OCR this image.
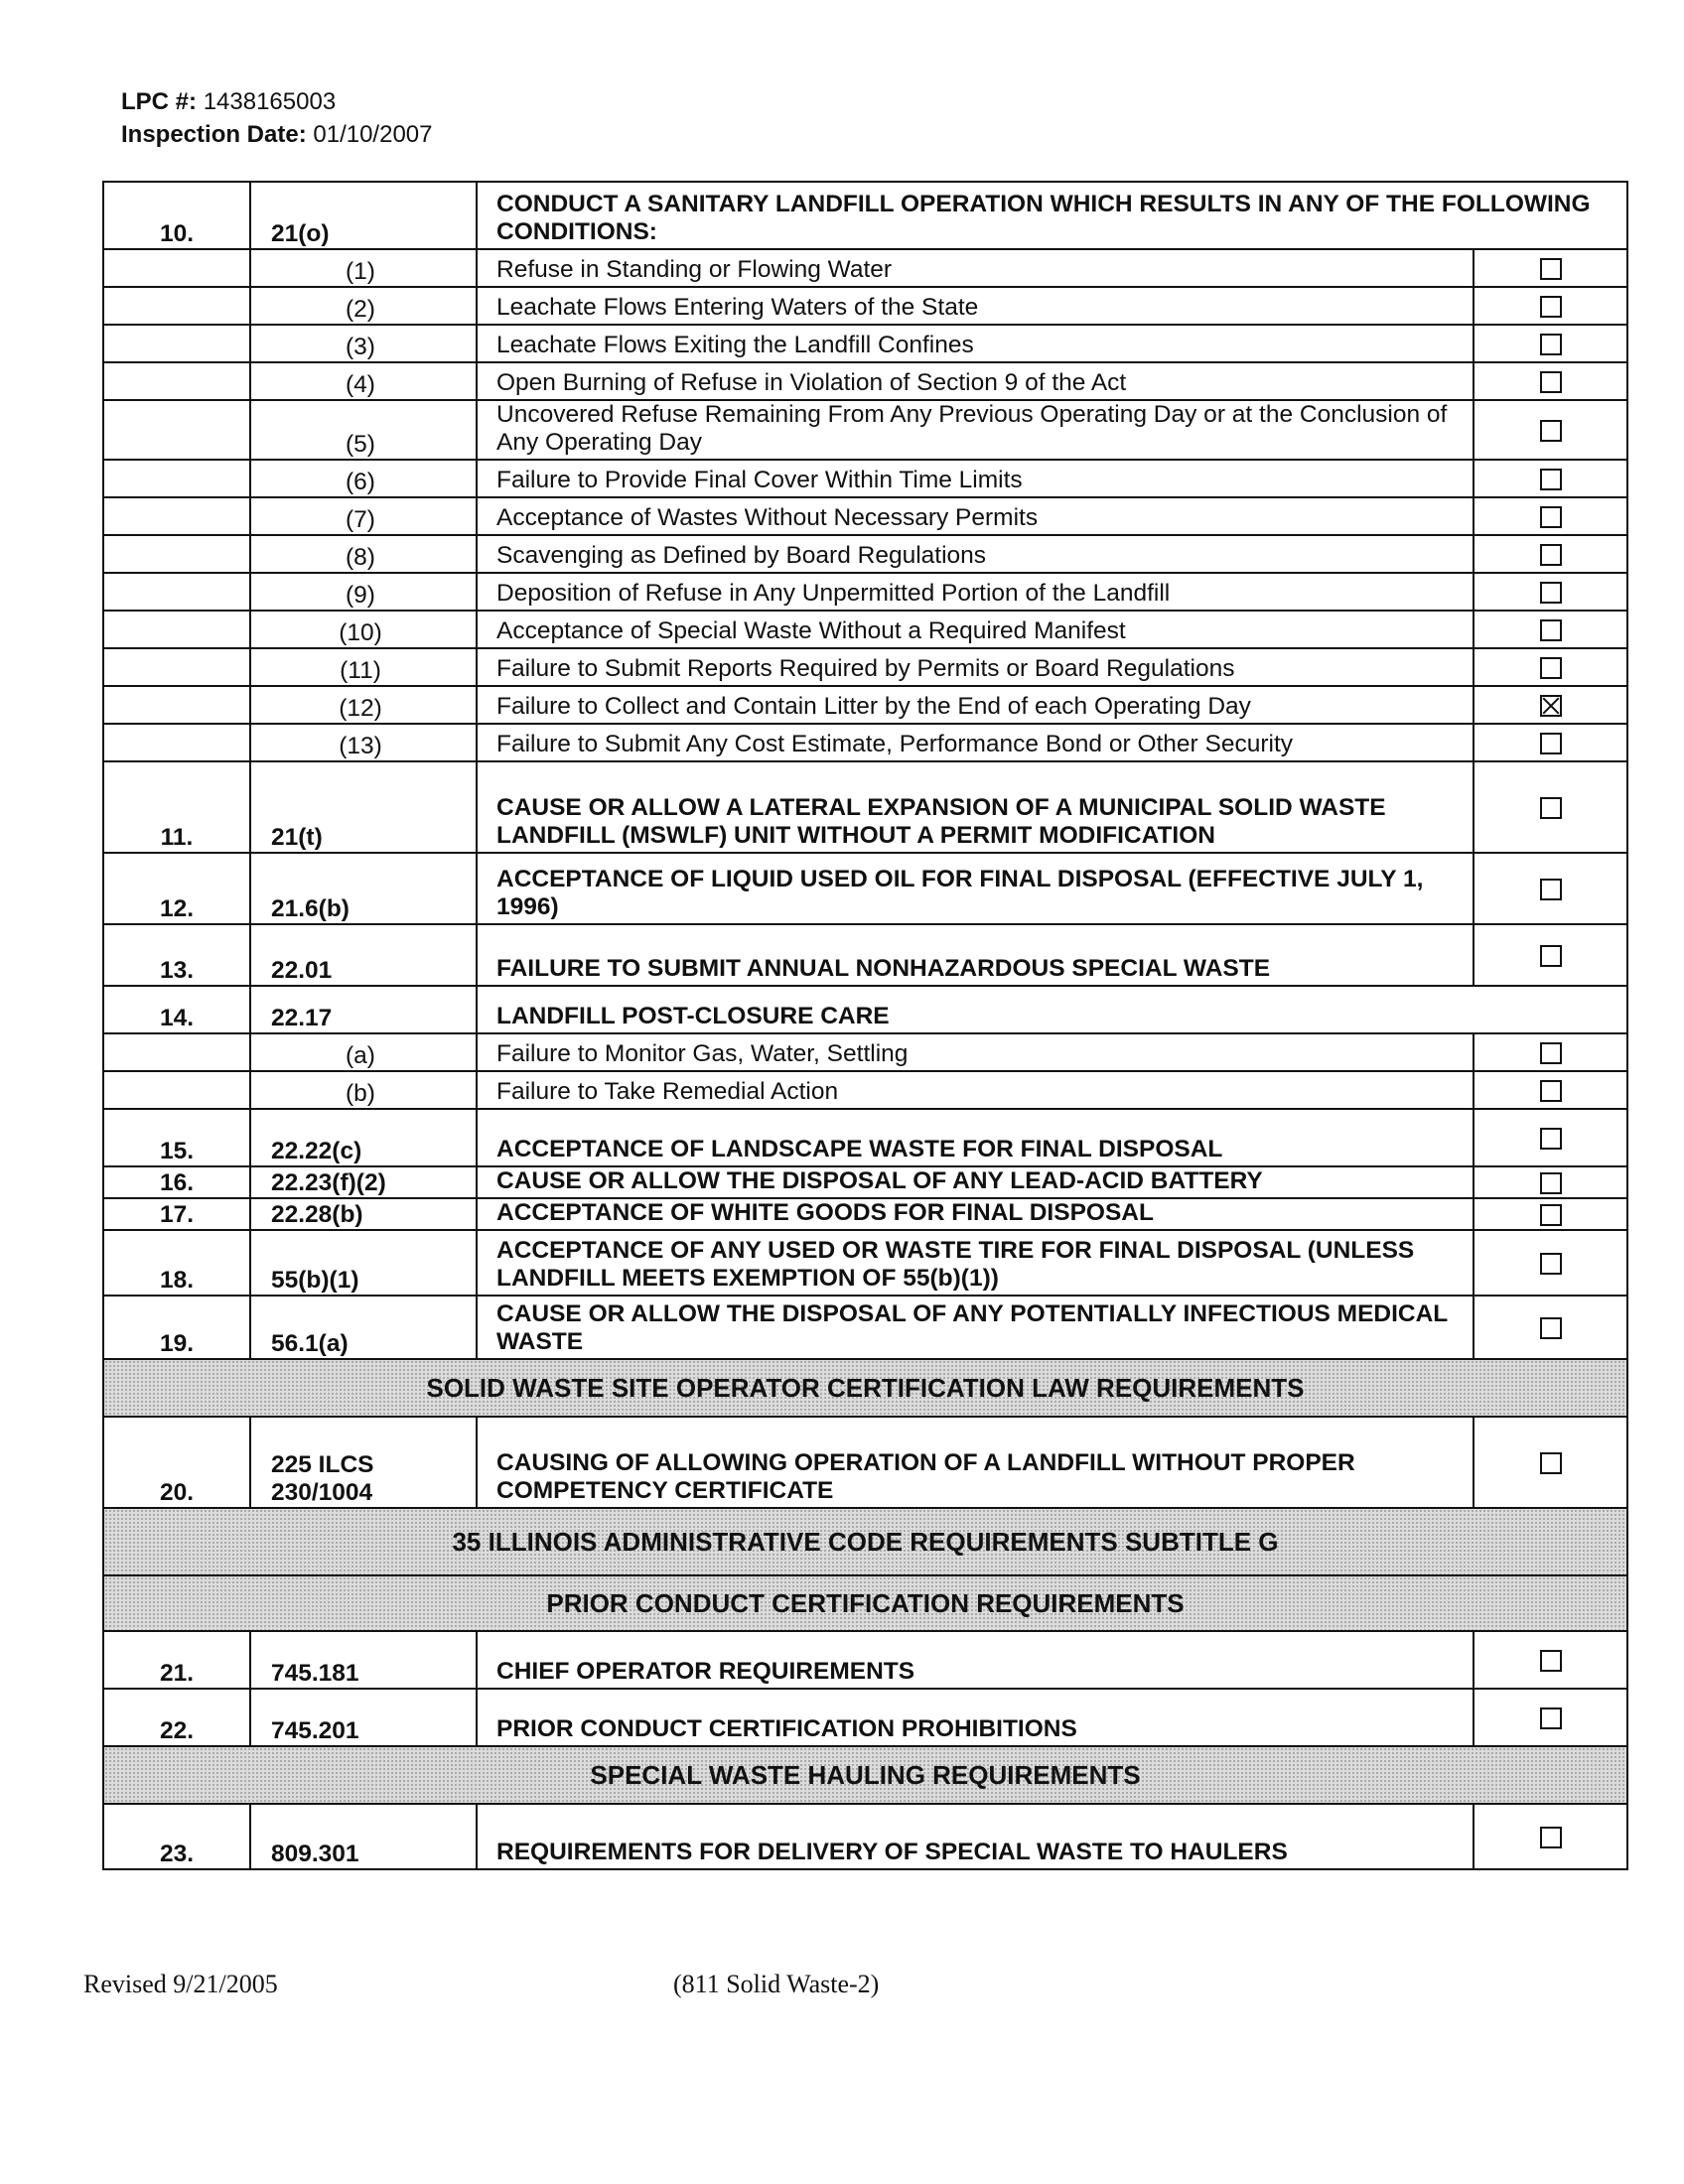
LPC #: 1438165003
Inspection Date: 01/10/2007
10.	21(o)	CONDUCT A SANITARY LANDFILL OPERATION WHICH RESULTS IN ANY OF THE FOLLOWING CONDITIONS:	
	(1)	Refuse in Standing or Flowing Water	
	(2)	Leachate Flows Entering Waters of the State	
	(3)	Leachate Flows Exiting the Landfill Confines	
	(4)	Open Burning of Refuse in Violation of Section 9 of the Act	
	(5)	Uncovered Refuse Remaining From Any Previous Operating Day or at the Conclusion of Any Operating Day	
	(6)	Failure to Provide Final Cover Within Time Limits	
	(7)	Acceptance of Wastes Without Necessary Permits	
	(8)	Scavenging as Defined by Board Regulations	
	(9)	Deposition of Refuse in Any Unpermitted Portion of the Landfill	
	(10)	Acceptance of Special Waste Without a Required Manifest	
	(11)	Failure to Submit Reports Required by Permits or Board Regulations	
	(12)	Failure to Collect and Contain Litter by the End of each Operating Day	
	(13)	Failure to Submit Any Cost Estimate, Performance Bond or Other Security	
11.	21(t)	CAUSE OR ALLOW A LATERAL EXPANSION OF A MUNICIPAL SOLID WASTE LANDFILL (MSWLF) UNIT WITHOUT A PERMIT MODIFICATION	
12.	21.6(b)	ACCEPTANCE OF LIQUID USED OIL FOR FINAL DISPOSAL (EFFECTIVE JULY 1, 1996)	
13.	22.01	FAILURE TO SUBMIT ANNUAL NONHAZARDOUS SPECIAL WASTE	
14.	22.17	LANDFILL POST-CLOSURE CARE	
	(a)	Failure to Monitor Gas, Water, Settling	
	(b)	Failure to Take Remedial Action	
15.	22.22(c)	ACCEPTANCE OF LANDSCAPE WASTE FOR FINAL DISPOSAL	
16.	22.23(f)(2)	CAUSE OR ALLOW THE DISPOSAL OF ANY LEAD-ACID BATTERY	
17.	22.28(b)	ACCEPTANCE OF WHITE GOODS FOR FINAL DISPOSAL	
18.	55(b)(1)	ACCEPTANCE OF ANY USED OR WASTE TIRE FOR FINAL DISPOSAL (UNLESS LANDFILL MEETS EXEMPTION OF 55(b)(1))	
19.	56.1(a)	CAUSE OR ALLOW THE DISPOSAL OF ANY POTENTIALLY INFECTIOUS MEDICAL WASTE	
SOLID WASTE SITE OPERATOR CERTIFICATION LAW REQUIREMENTS			
20.	225 ILCS 230/1004	CAUSING OF ALLOWING OPERATION OF A LANDFILL WITHOUT PROPER COMPETENCY CERTIFICATE	
35 ILLINOIS ADMINISTRATIVE CODE REQUIREMENTS SUBTITLE G			
PRIOR CONDUCT CERTIFICATION REQUIREMENTS			
21.	745.181	CHIEF OPERATOR REQUIREMENTS	
22.	745.201	PRIOR CONDUCT CERTIFICATION PROHIBITIONS	
SPECIAL WASTE HAULING REQUIREMENTS			
23.	809.301	REQUIREMENTS FOR DELIVERY OF SPECIAL WASTE TO HAULERS	
Revised 9/21/2005	(811 Solid Waste-2)
